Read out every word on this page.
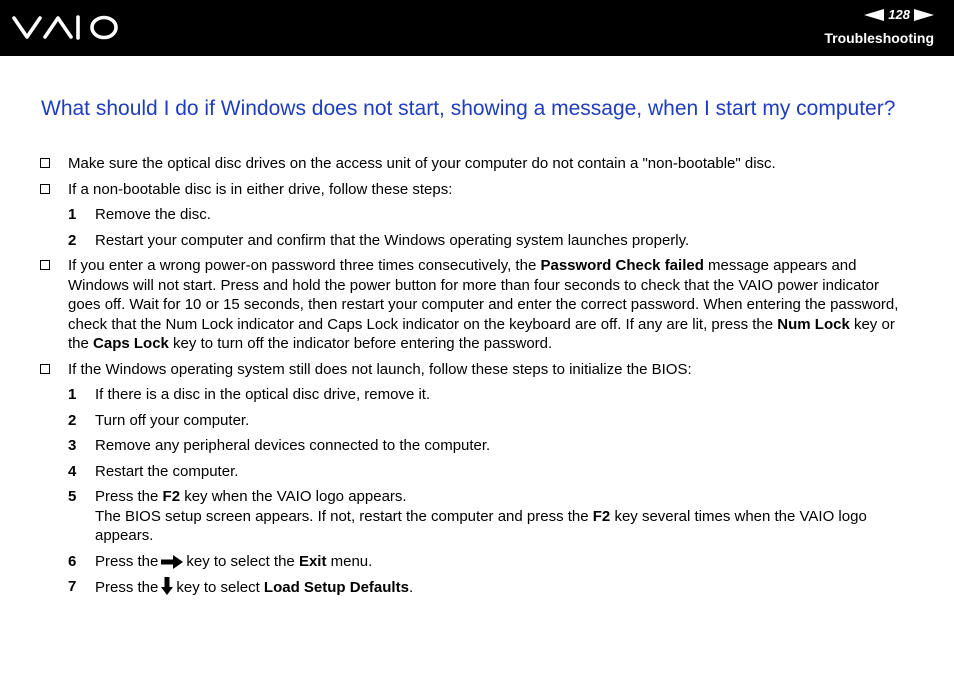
128
Troubleshooting
What should I do if Windows does not start, showing a message, when I start my computer?
Make sure the optical disc drives on the access unit of your computer do not contain a "non-bootable" disc.
If a non-bootable disc is in either drive, follow these steps:
1 Remove the disc.
2 Restart your computer and confirm that the Windows operating system launches properly.
If you enter a wrong power-on password three times consecutively, the Password Check failed message appears and Windows will not start. Press and hold the power button for more than four seconds to check that the VAIO power indicator goes off. Wait for 10 or 15 seconds, then restart your computer and enter the correct password. When entering the password, check that the Num Lock indicator and Caps Lock indicator on the keyboard are off. If any are lit, press the Num Lock key or the Caps Lock key to turn off the indicator before entering the password.
If the Windows operating system still does not launch, follow these steps to initialize the BIOS:
1 If there is a disc in the optical disc drive, remove it.
2 Turn off your computer.
3 Remove any peripheral devices connected to the computer.
4 Restart the computer.
5 Press the F2 key when the VAIO logo appears.
The BIOS setup screen appears. If not, restart the computer and press the F2 key several times when the VAIO logo appears.
6 Press the key to select the Exit menu.
7 Press the key to select Load Setup Defaults.
